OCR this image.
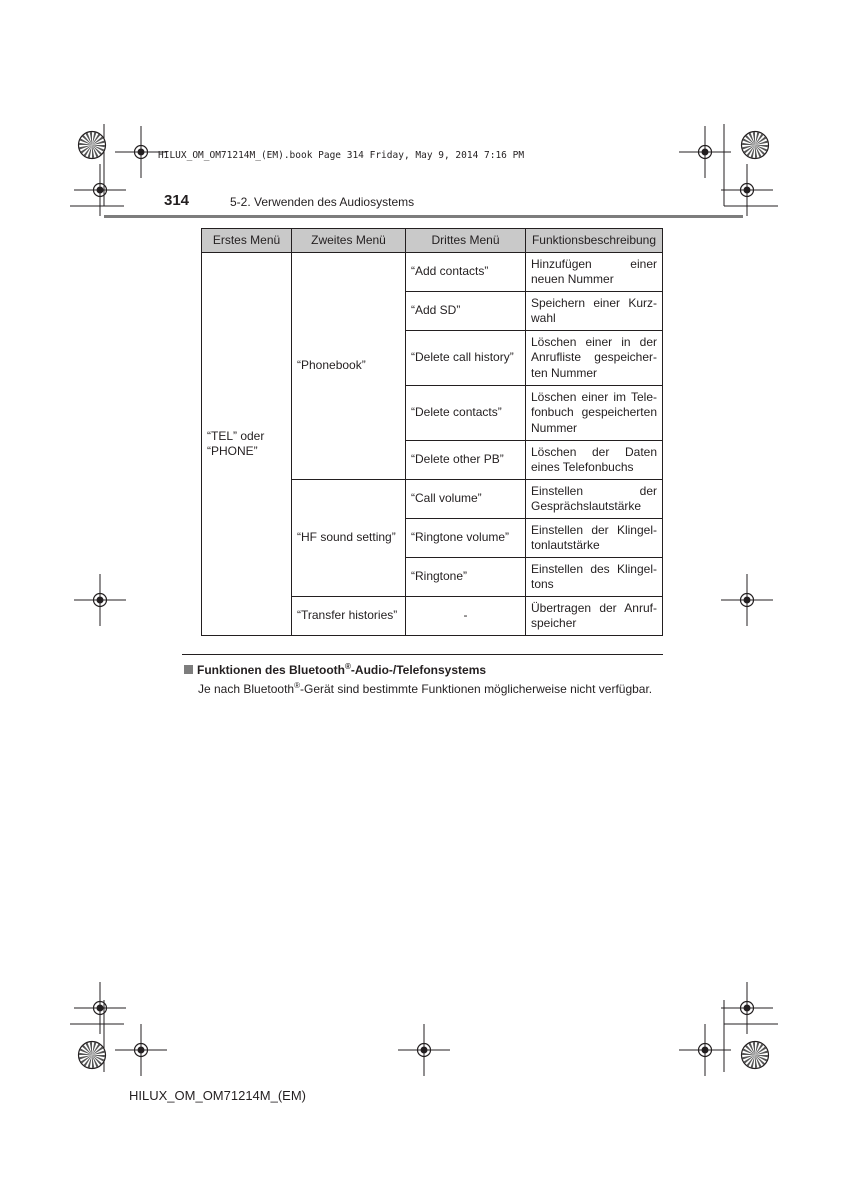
HILUX_OM_OM71214M_(EM).book Page 314 Friday, May 9, 2014 7:16 PM
314	5-2. Verwenden des Audiosystems
Erstes Menü	Zweites Menü	Drittes Menü	Funktionsbeschreibung
“TEL” oder “PHONE”	“Phonebook”	“Add contacts”	Hinzufügen einer neuen Nummer
		“Add SD”	Speichern einer Kurzwahl
		“Delete call history”	Löschen einer in der Anrufliste gespeicherten Nummer
		“Delete contacts”	Löschen einer im Telefonbuch gespeicherten Nummer
		“Delete other PB”	Löschen der Daten eines Telefonbuchs
	“HF sound setting”	“Call volume”	Einstellen der Gesprächslautstärke
		“Ringtone volume”	Einstellen der Klingeltonlautstärke
		“Ringtone”	Einstellen des Klingeltons
	“Transfer histories”	-	Übertragen der Anrufspeicher
Funktionen des Bluetooth®-Audio-/Telefonsystems
Je nach Bluetooth®-Gerät sind bestimmte Funktionen möglicherweise nicht verfügbar.
HILUX_OM_OM71214M_(EM)
